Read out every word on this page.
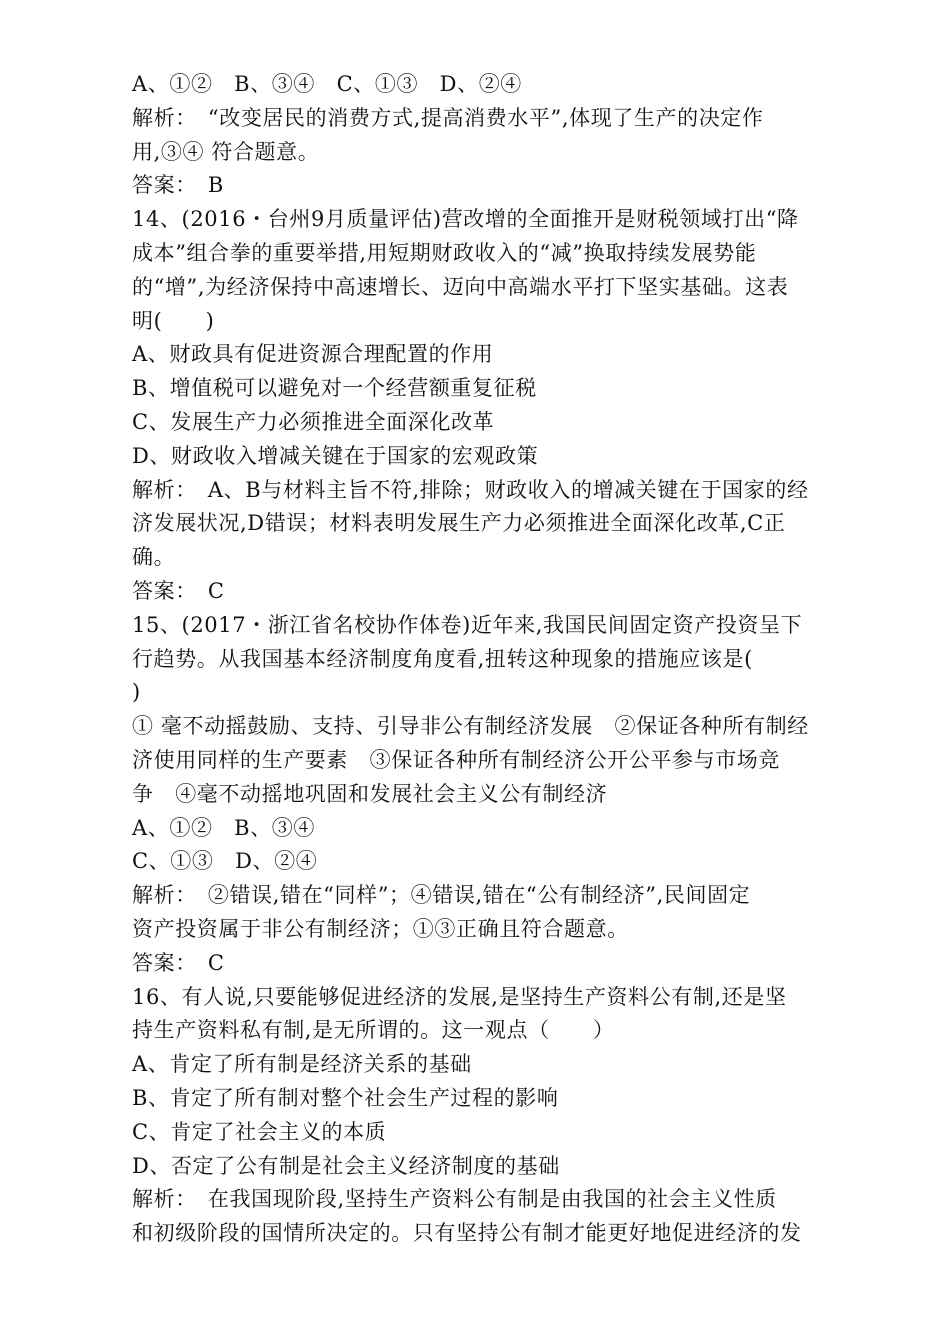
A、①②　B、③④　C、①③　D、②④
解析：　“改变居民的消费方式,提高消费水平”,体现了生产的决定作
用,③④ 符合题意。
答案：　B
14、(2016・台州9月质量评估)营改增的全面推开是财税领域打出“降
成本”组合拳的重要举措,用短期财政收入的“减”换取持续发展势能
的“增”,为经济保持中高速增长、迈向中高端水平打下坚实基础。这表
明(　　)
A、财政具有促进资源合理配置的作用
B、增值税可以避免对一个经营额重复征税
C、发展生产力必须推进全面深化改革
D、财政收入增减关键在于国家的宏观政策
解析：　A、B与材料主旨不符,排除；财政收入的增减关键在于国家的经
济发展状况,D错误；材料表明发展生产力必须推进全面深化改革,C正
确。
答案：　C
15、(2017・浙江省名校协作体卷)近年来,我国民间固定资产投资呈下
行趋势。从我国基本经济制度角度看,扭转这种现象的措施应该是(
)
① 毫不动摇鼓励、支持、引导非公有制经济发展　②保证各种所有制经
济使用同样的生产要素　③保证各种所有制经济公开公平参与市场竞
争　④毫不动摇地巩固和发展社会主义公有制经济
A、①②　B、③④
C、①③　D、②④
解析：　②错误,错在“同样”；④错误,错在“公有制经济”,民间固定
资产投资属于非公有制经济；①③正确且符合题意。
答案：　C
16、有人说,只要能够促进经济的发展,是坚持生产资料公有制,还是坚
持生产资料私有制,是无所谓的。这一观点（　　）
A、肯定了所有制是经济关系的基础
B、肯定了所有制对整个社会生产过程的影响
C、肯定了社会主义的本质
D、否定了公有制是社会主义经济制度的基础
解析：　在我国现阶段,坚持生产资料公有制是由我国的社会主义性质
和初级阶段的国情所决定的。只有坚持公有制才能更好地促进经济的发
